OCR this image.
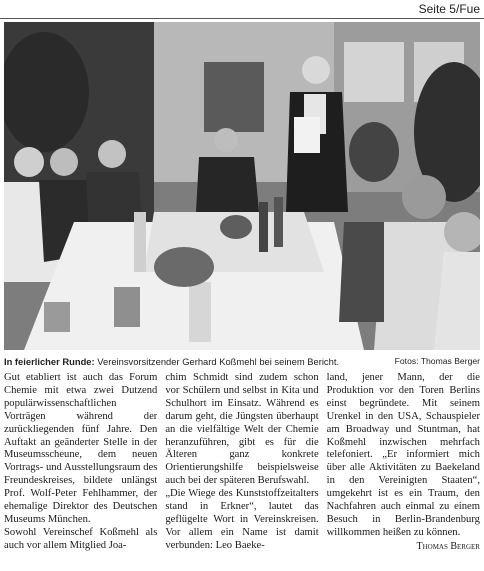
Seite 5/Fue
In feierlicher Runde: Vereinsvorsitzender Gerhard Koßmehl bei seinem Bericht.	Fotos: Thomas Berger

Gut etabliert ist auch das Forum Chemie mit etwa zwei Dutzend populärwissenschaftlichen Vorträgen während der zurückliegenden fünf Jahre. Den Auftakt an geänderter Stelle in der Museumsscheune, dem neuen Vortrags- und Ausstellungsraum des Freundeskreises, bildete unlängst Prof. Wolf-Peter Fehlhammer, der ehemalige Direktor des Deutschen Museums München.

Sowohl Vereinschef Koßmehl als auch vor allem Mitglied Joa-

chim Schmidt sind zudem schon vor Schülern und selbst in Kita und Schulhort im Einsatz. Während es darum geht, die Jüngsten überhaupt an die vielfältige Welt der Chemie heranzuführen, gibt es für die Älteren ganz konkrete Orientierungshilfe beispielsweise auch bei der späteren Berufswahl.

„Die Wiege des Kunststoffzeitalters stand in Erkner“, lautet das geflügelte Wort in Vereinskreisen. Vor allem ein Name ist damit verbunden: Leo Baeke-

land, jener Mann, der die Produktion vor den Toren Berlins einst begründete. Mit seinem Urenkel in den USA, Schauspieler am Broadway und Stuntman, hat Koßmehl inzwischen mehrfach telefoniert. „Er informiert mich über alle Aktivitäten zu Baekeland in den Vereinigten Staaten“, umgekehrt ist es ein Traum, den Nachfahren auch einmal zu einem Besuch in Berlin-Brandenburg willkommen heißen zu können.

Thomas Berger
